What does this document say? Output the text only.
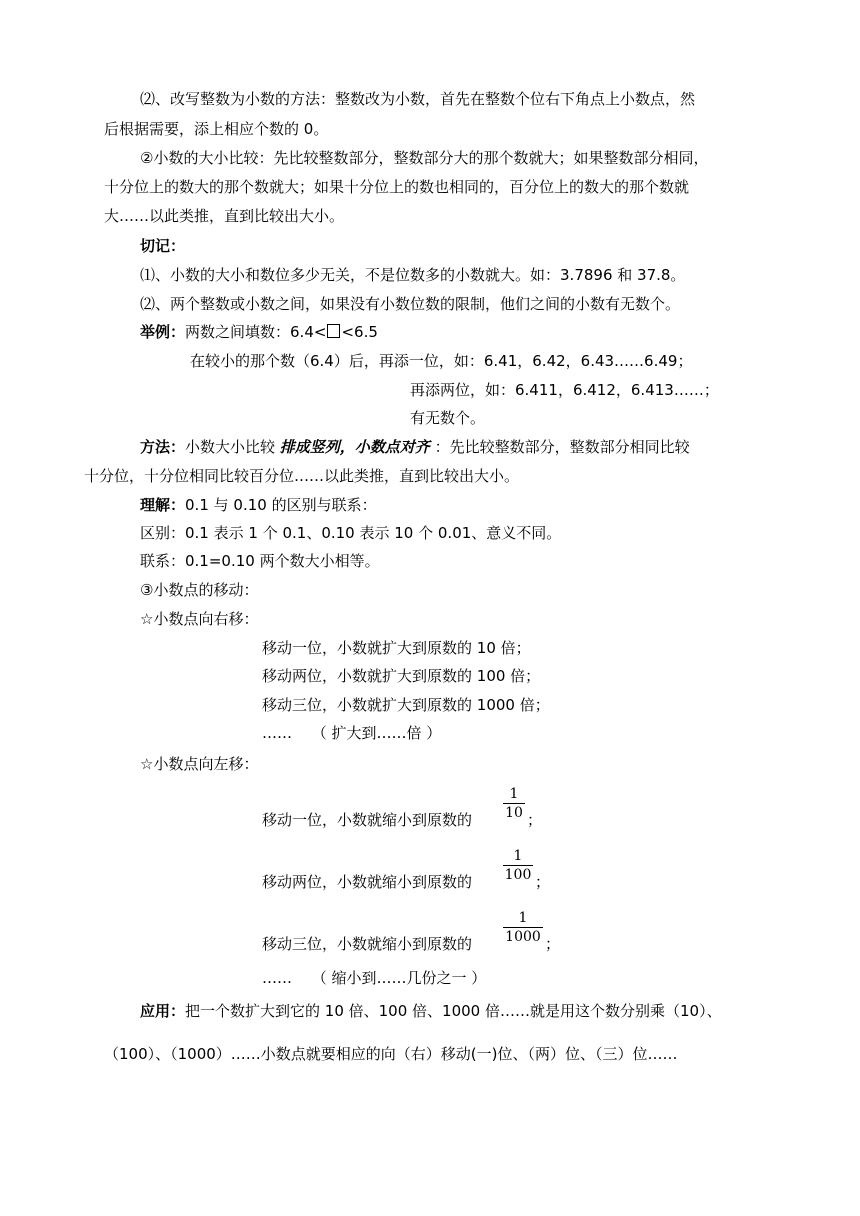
⑵、改写整数为小数的方法：整数改为小数，首先在整数个位右下角点上小数点，然
后根据需要，添上相应个数的 0。
②小数的大小比较：先比较整数部分，整数部分大的那个数就大；如果整数部分相同，
十分位上的数大的那个数就大；如果十分位上的数也相同的，百分位上的数大的那个数就
大……以此类推，直到比较出大小。
切记：
⑴、小数的大小和数位多少无关，不是位数多的小数就大。如：3.7896 和 37.8。
⑵、两个整数或小数之间，如果没有小数位数的限制，他们之间的小数有无数个。
举例：两数之间填数：6.4< <6.5
在较小的那个数（6.4）后，再添一位，如：6.41，6.42，6.43……6.49；
再添两位，如：6.411，6.412，6.413……；
有无数个。
方法：小数大小比较 排成竖列，小数点对齐 ：先比较整数部分，整数部分相同比较
十分位，十分位相同比较百分位……以此类推，直到比较出大小。
理解：0.1 与 0.10 的区别与联系：
区别：0.1 表示 1 个 0.1、0.10 表示 10 个 0.01、意义不同。
联系：0.1=0.10 两个数大小相等。
③小数点的移动：
☆小数点向右移：
移动一位，小数就扩大到原数的 10 倍；
移动两位，小数就扩大到原数的 100 倍；
移动三位，小数就扩大到原数的 1000 倍；
……　 （ 扩大到……倍 ）
☆小数点向左移：
移动一位，小数就缩小到原数的
1
10 ；
移动两位，小数就缩小到原数的
1
100 ；
移动三位，小数就缩小到原数的
1
1000 ；
……　 （ 缩小到……几份之一 ）
应用：把一个数扩大到它的 10 倍、100 倍、1000 倍……就是用这个数分别乘（10）、
（100）、（1000）……小数点就要相应的向（右）移动(一)位、（两）位、（三）位……
